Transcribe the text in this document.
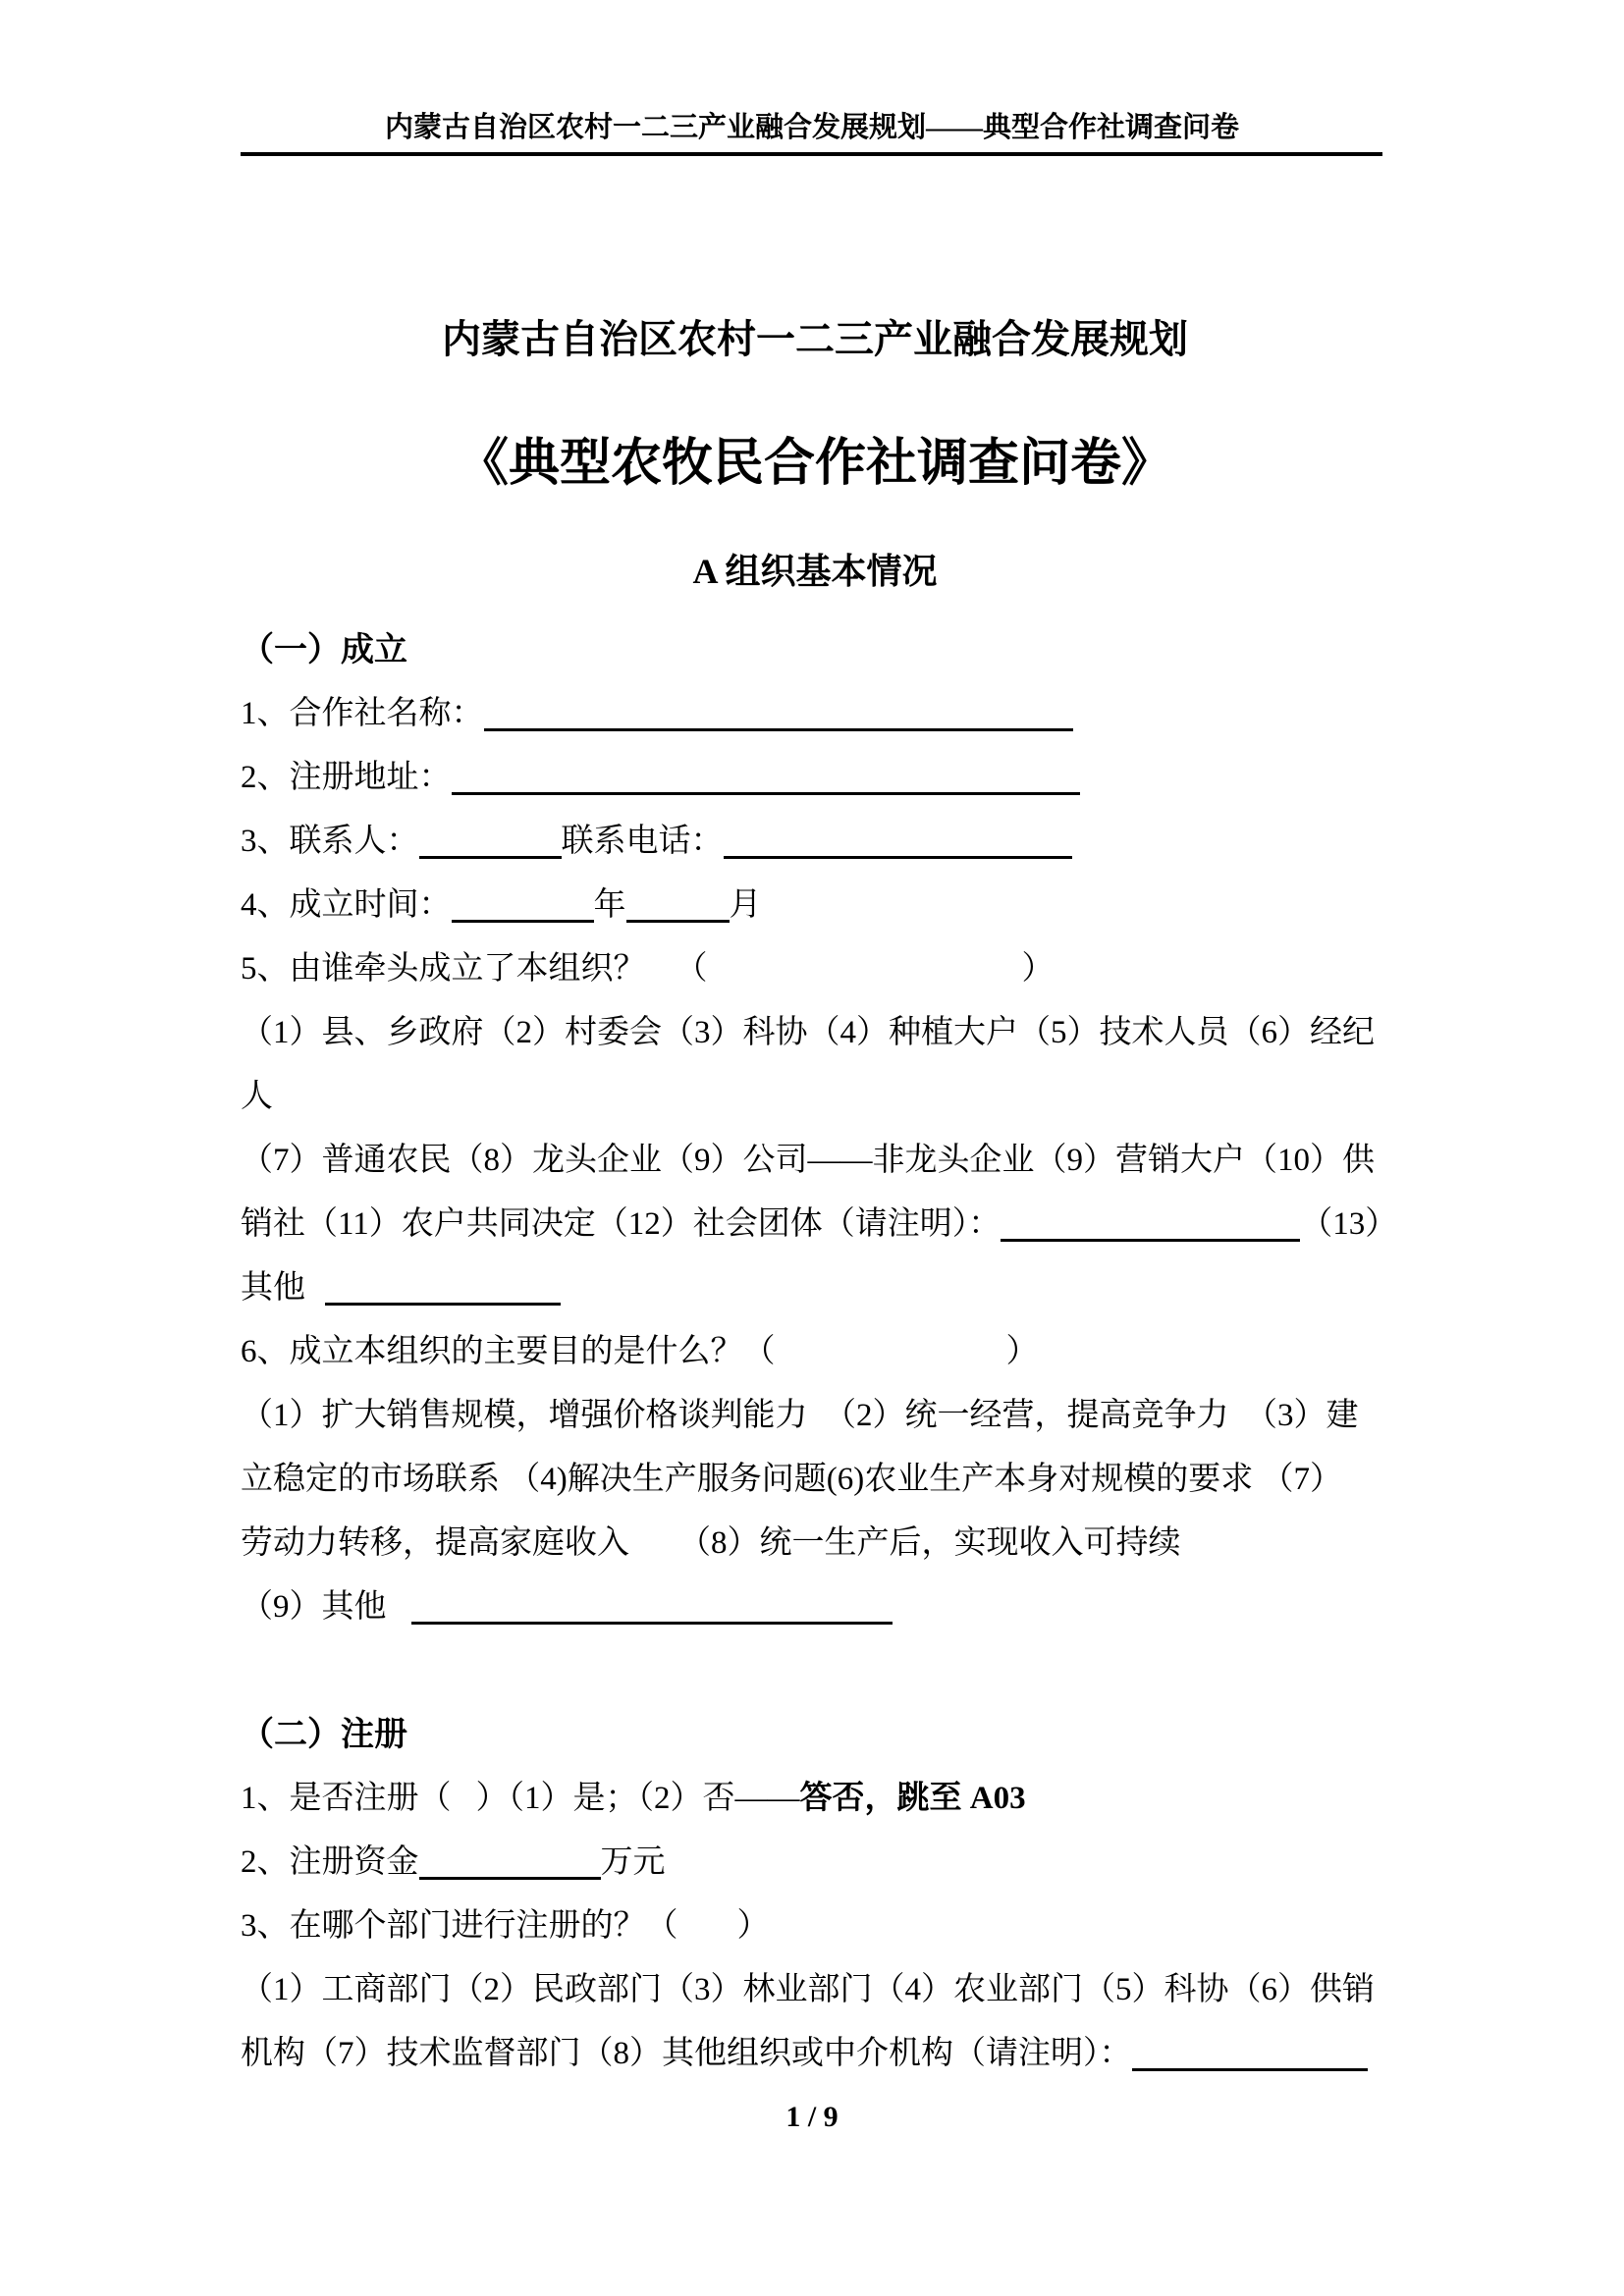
内蒙古自治区农村一二三产业融合发展规划——典型合作社调查问卷
内蒙古自治区农村一二三产业融合发展规划
《典型农牧民合作社调查问卷》
A 组织基本情况
（一）成立
1、合作社名称：
2、注册地址：
3、联系人：	联系电话：
4、成立时间：	年	月
5、由谁牵头成立了本组织？ （	）
（1）县、乡政府（2）村委会（3）科协（4）种植大户（5）技术人员（6）经纪
人
（7）普通农民（8）龙头企业（9）公司——非龙头企业（9）营销大户（10）供
销社（11）农户共同决定（12）社会团体（请注明）：	（13）
其他
6、成立本组织的主要目的是什么？（	）
（1）扩大销售规模，增强价格谈判能力　（2）统一经营，提高竞争力　（3）建
立稳定的市场联系 （4)解决生产服务问题(6)农业生产本身对规模的要求 （7）
劳动力转移，提高家庭收入 （8）统一生产后，实现收入可持续
（9）其他

（二）注册
1、是否注册（ ）（1）是；（2）否——答否，跳至 A03
2、注册资金	万元
3、在哪个部门进行注册的？（ ）
（1）工商部门（2）民政部门（3）林业部门（4）农业部门（5）科协（6）供销
机构（7）技术监督部门（8）其他组织或中介机构（请注明）：
1 / 9
